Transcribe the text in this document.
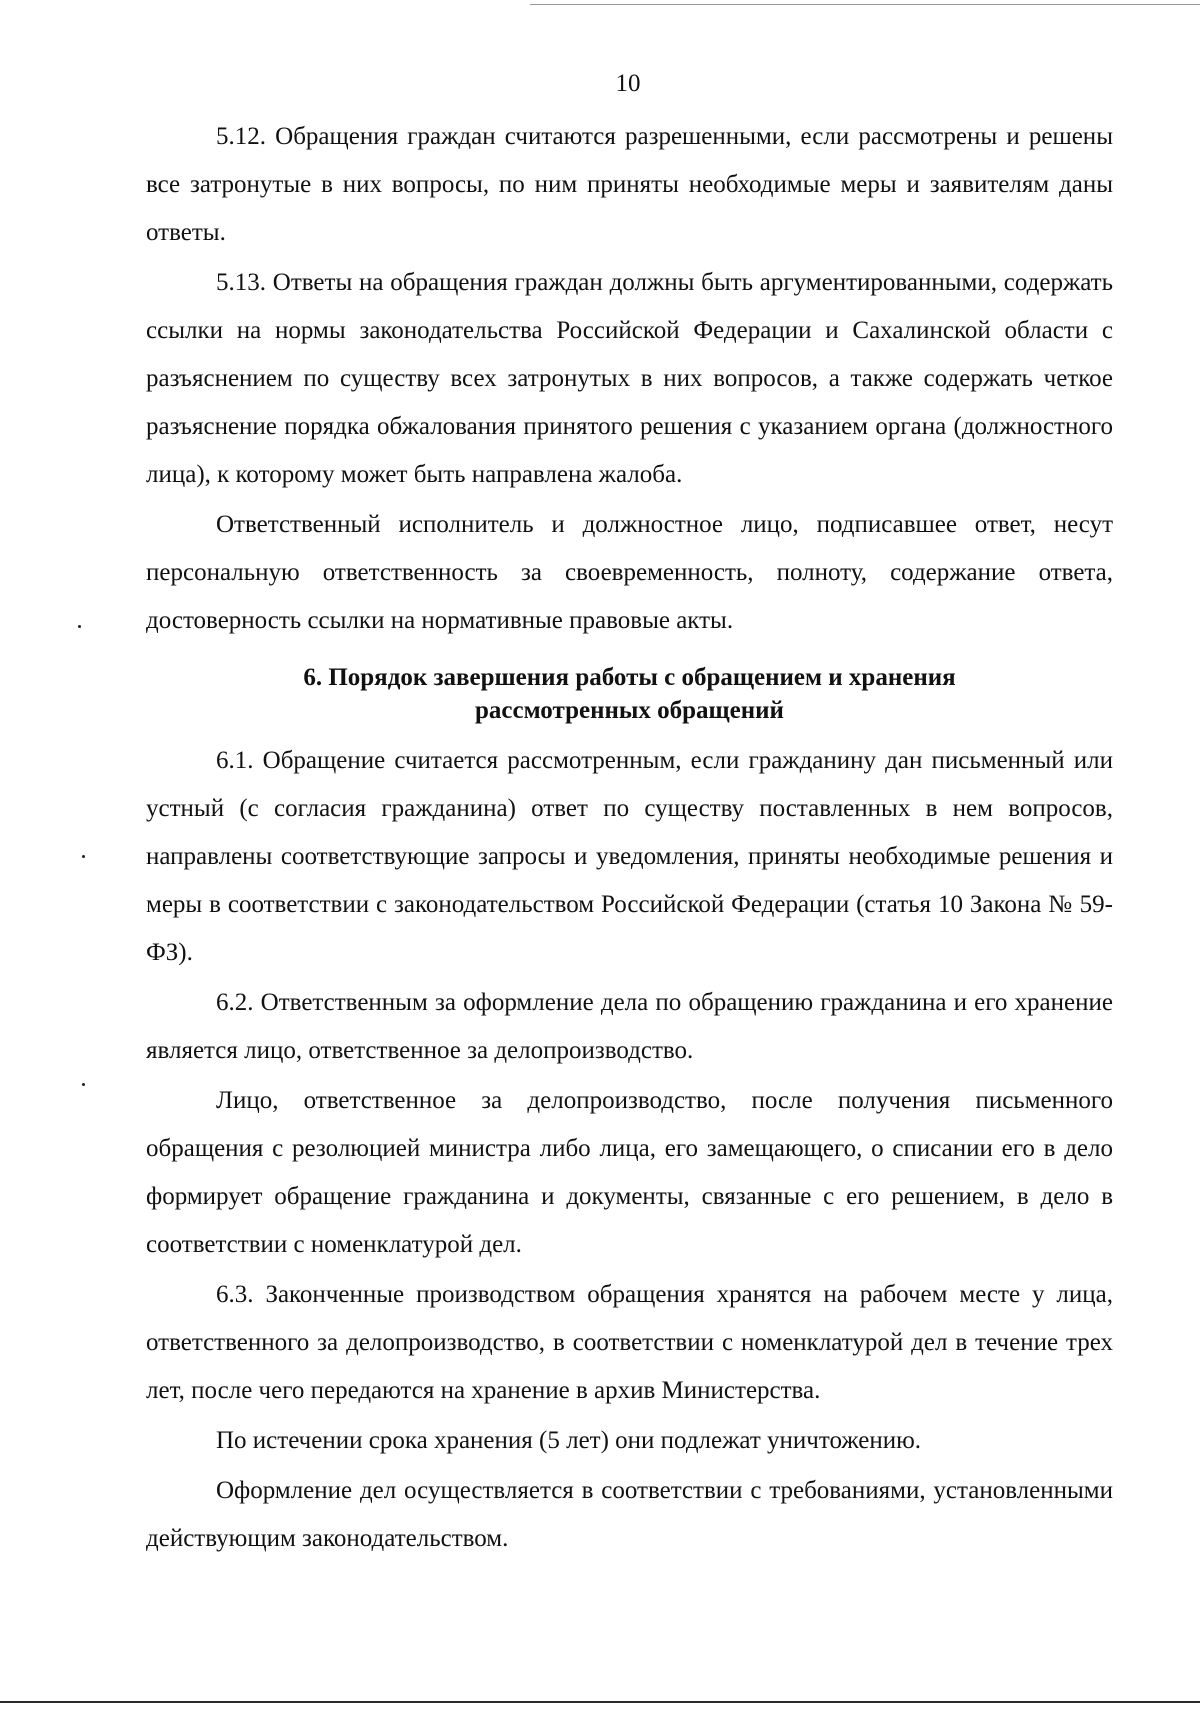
10

5.12. Обращения граждан считаются разрешенными, если рассмотрены и решены все затронутые в них вопросы, по ним приняты необходимые меры и заявителям даны ответы.

5.13. Ответы на обращения граждан должны быть аргументированными, содержать ссылки на нормы законодательства Российской Федерации и Сахалинской области с разъяснением по существу всех затронутых в них вопросов, а также содержать четкое разъяснение порядка обжалования принятого решения с указанием органа (должностного лица), к которому может быть направлена жалоба.

Ответственный исполнитель и должностное лицо, подписавшее ответ, несут персональную ответственность за своевременность, полноту, содержание ответа, достоверность ссылки на нормативные правовые акты.

6. Порядок завершения работы с обращением и хранения
рассмотренных обращений

6.1. Обращение считается рассмотренным, если гражданину дан письменный или устный (с согласия гражданина) ответ по существу поставленных в нем вопросов, направлены соответствующие запросы и уведомления, приняты необходимые решения и меры в соответствии с законодательством Российской Федерации (статья 10 Закона № 59-ФЗ).

6.2. Ответственным за оформление дела по обращению гражданина и его хранение является лицо, ответственное за делопроизводство.

Лицо, ответственное за делопроизводство, после получения письменного обращения с резолюцией министра либо лица, его замещающего, о списании его в дело формирует обращение гражданина и документы, связанные с его решением, в дело в соответствии с номенклатурой дел.

6.3. Законченные производством обращения хранятся на рабочем месте у лица, ответственного за делопроизводство, в соответствии с номенклатурой дел в течение трех лет, после чего передаются на хранение в архив Министерства.

По истечении срока хранения (5 лет) они подлежат уничтожению.

Оформление дел осуществляется в соответствии с требованиями, установленными действующим законодательством.
